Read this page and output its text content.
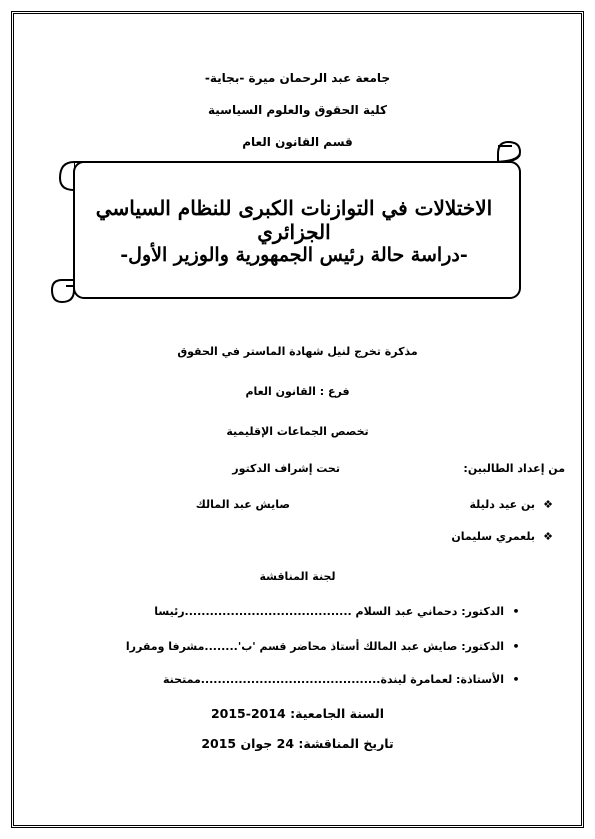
جامعة عبد الرحمان ميرة -بجاية-
كلية الحقوق والعلوم السياسية
قسم القانون العام
الاختلالات في التوازنات الكبرى للنظام السياسي الجزائري
-دراسة حالة رئيس الجمهورية والوزير الأول-
مذكرة تخرج لنيل شهادة الماستر في الحقوق
فرع : القانون العام
تخصص الجماعات الإقليمية
من إعداد الطالبين:
تحت إشراف الدكتور
❖بن عيد دليلة
❖بلعمري سليمان
صايش عبد المالك
لجنة المناقشة
•الدكتور: دحماني عبد السلام ........................................رئيسا
•الدكتور: صايش عبد المالك أستاذ محاضر قسم 'ب'........مشرفا ومقررا
•الأستاذة: لعمامرة ليندة...........................................ممتحنة
السنة الجامعية: 2014-2015
تاريخ المناقشة: 24 جوان 2015
